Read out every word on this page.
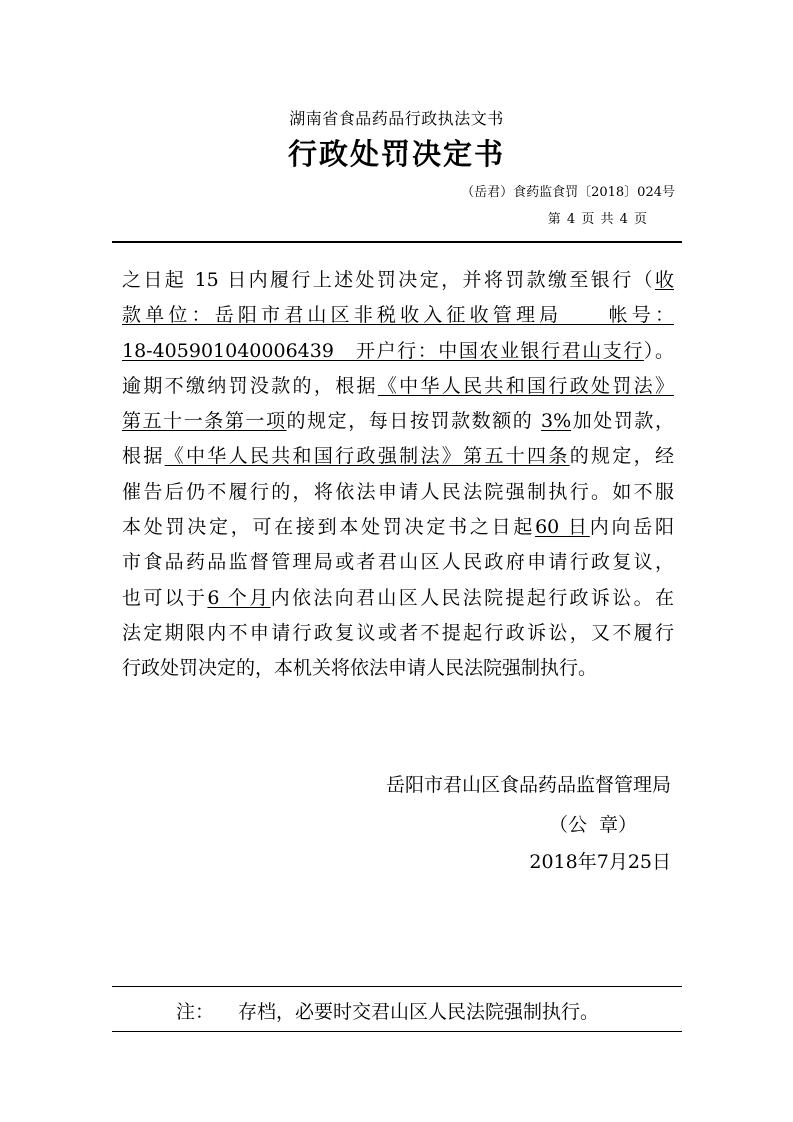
湖南省食品药品行政执法文书
行政处罚决定书
（岳君）食药监食罚〔2018〕024号
第 4 页 共 4 页
之日起 15 日内履行上述处罚决定，并将罚款缴至银行（收
款单位：岳阳市君山区非税收入征收管理局　　帐号：
18-405901040006439　开户行：中国农业银行君山支行）。
逾期不缴纳罚没款的，根据《中华人民共和国行政处罚法》
第五十一条第一项的规定，每日按罚款数额的 3%加处罚款，
根据《中华人民共和国行政强制法》第五十四条的规定，经
催告后仍不履行的，将依法申请人民法院强制执行。如不服
本处罚决定，可在接到本处罚决定书之日起60 日内向岳阳
市食品药品监督管理局或者君山区人民政府申请行政复议，
也可以于6 个月内依法向君山区人民法院提起行政诉讼。在
法定期限内不申请行政复议或者不提起行政诉讼，又不履行
行政处罚决定的，本机关将依法申请人民法院强制执行。
岳阳市君山区食品药品监督管理局
（公 章）
2018年7月25日
注： 存档，必要时交君山区人民法院强制执行。
